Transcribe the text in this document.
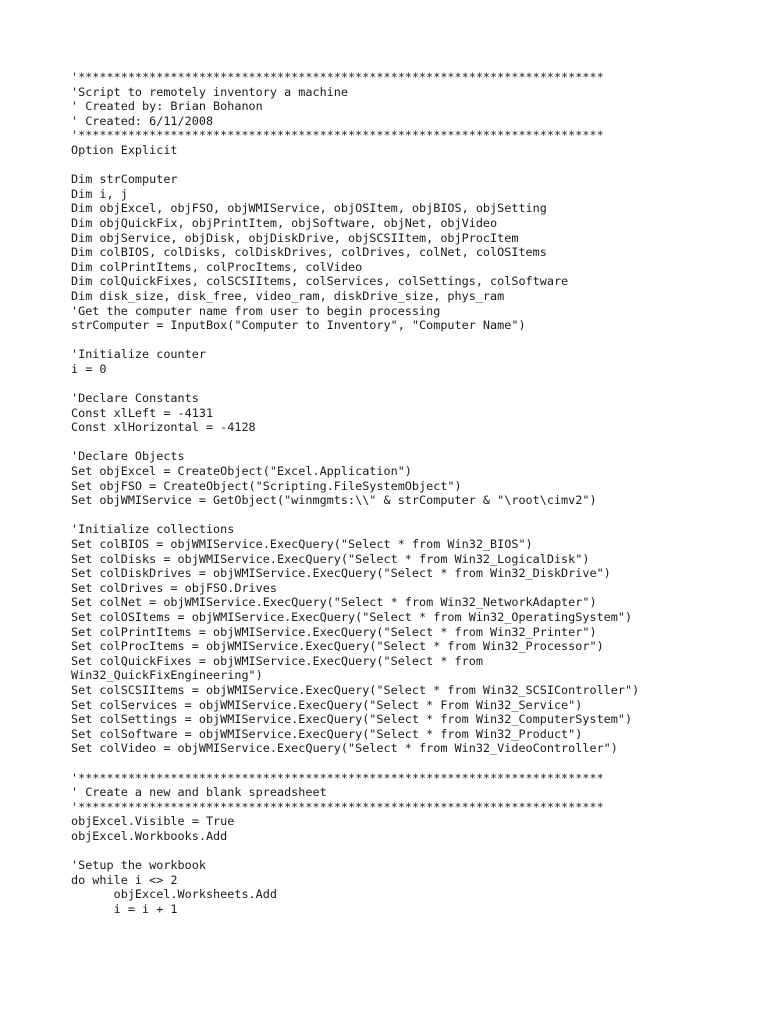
'**************************************************************************
'Script to remotely inventory a machine
' Created by: Brian Bohanon
' Created: 6/11/2008
'**************************************************************************
Option Explicit
Dim strComputer
Dim i, j
Dim objExcel, objFSO, objWMIService, objOSItem, objBIOS, objSetting
Dim objQuickFix, objPrintItem, objSoftware, objNet, objVideo
Dim objService, objDisk, objDiskDrive, objSCSIItem, objProcItem
Dim colBIOS, colDisks, colDiskDrives, colDrives, colNet, colOSItems
Dim colPrintItems, colProcItems, colVideo
Dim colQuickFixes, colSCSIItems, colServices, colSettings, colSoftware
Dim disk_size, disk_free, video_ram, diskDrive_size, phys_ram
'Get the computer name from user to begin processing
strComputer = InputBox("Computer to Inventory", "Computer Name")
'Initialize counter
i = 0
'Declare Constants
Const xlLeft = -4131
Const xlHorizontal = -4128
'Declare Objects
Set objExcel = CreateObject("Excel.Application")
Set objFSO = CreateObject("Scripting.FileSystemObject")
Set objWMIService = GetObject("winmgmts:\\" & strComputer & "\root\cimv2")
'Initialize collections
Set colBIOS = objWMIService.ExecQuery("Select * from Win32_BIOS")
Set colDisks = objWMIService.ExecQuery("Select * from Win32_LogicalDisk")
Set colDiskDrives = objWMIService.ExecQuery("Select * from Win32_DiskDrive")
Set colDrives = objFSO.Drives
Set colNet = objWMIService.ExecQuery("Select * from Win32_NetworkAdapter")
Set colOSItems = objWMIService.ExecQuery("Select * from Win32_OperatingSystem")
Set colPrintItems = objWMIService.ExecQuery("Select * from Win32_Printer")
Set colProcItems = objWMIService.ExecQuery("Select * from Win32_Processor")
Set colQuickFixes = objWMIService.ExecQuery("Select * from
Win32_QuickFixEngineering")
Set colSCSIItems = objWMIService.ExecQuery("Select * from Win32_SCSIController")
Set colServices = objWMIService.ExecQuery("Select * From Win32_Service")
Set colSettings = objWMIService.ExecQuery("Select * from Win32_ComputerSystem")
Set colSoftware = objWMIService.ExecQuery("Select * from Win32_Product")
Set colVideo = objWMIService.ExecQuery("Select * from Win32_VideoController")
'**************************************************************************
' Create a new and blank spreadsheet
'**************************************************************************
objExcel.Visible = True
objExcel.Workbooks.Add
'Setup the workbook
do while i <> 2
objExcel.Worksheets.Add
i = i + 1
